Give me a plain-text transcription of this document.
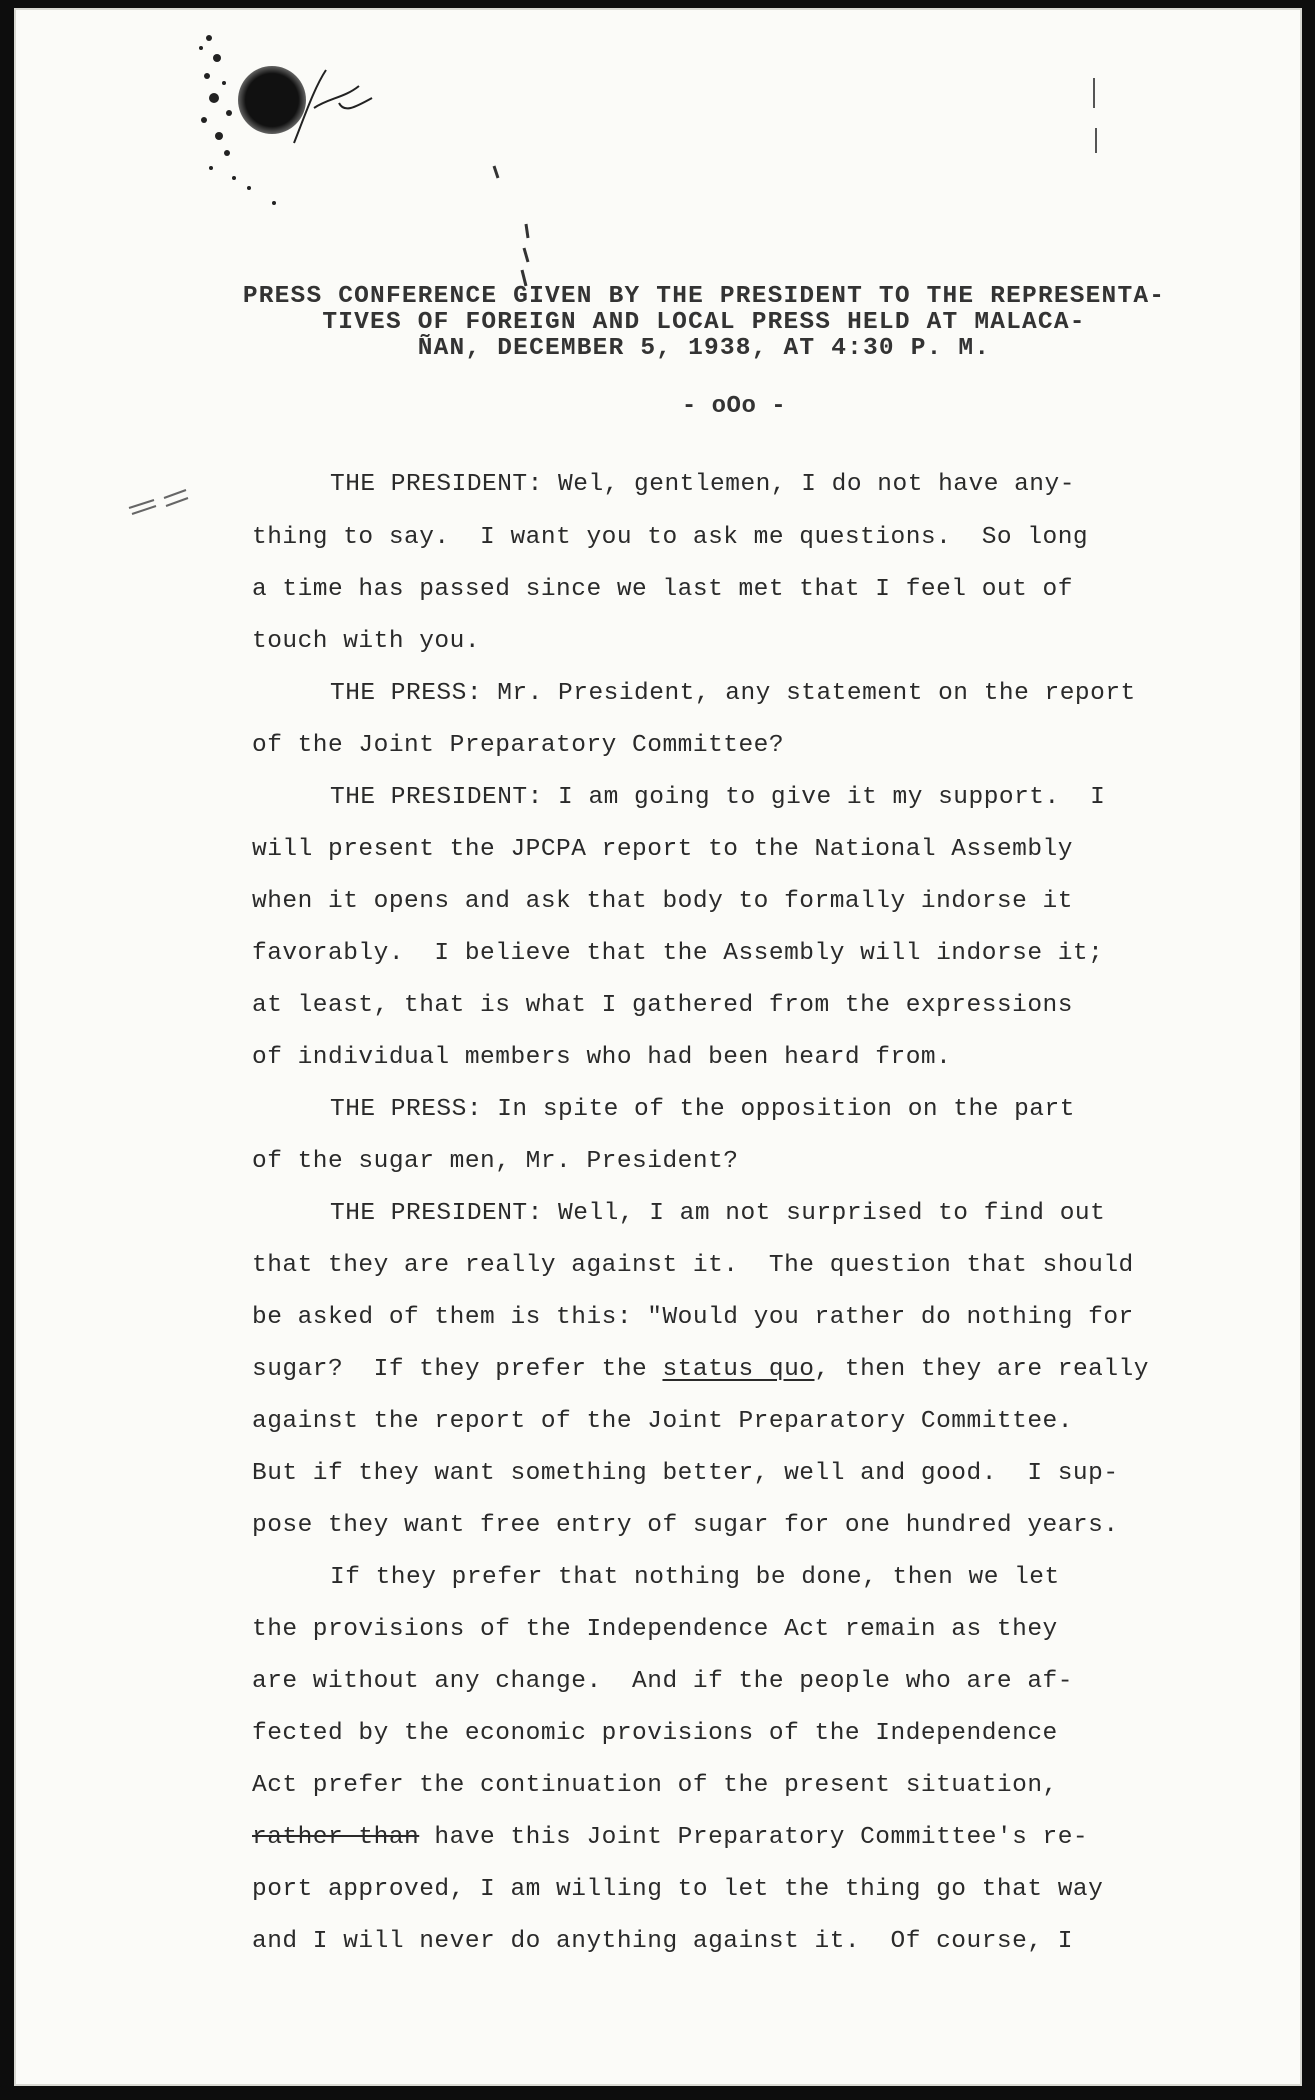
PRESS CONFERENCE GIVEN BY THE PRESIDENT TO THE REPRESENTA-
TIVES OF FOREIGN AND LOCAL PRESS HELD AT MALACA-
ÑAN, DECEMBER 5, 1938, AT 4:30 P. M.
- oOo -
THE PRESIDENT: Wel, gentlemen, I do not have any-
thing to say.  I want you to ask me questions.  So long
a time has passed since we last met that I feel out of
touch with you.
THE PRESS: Mr. President, any statement on the report
of the Joint Preparatory Committee?
THE PRESIDENT: I am going to give it my support.  I
will present the JPCPA report to the National Assembly
when it opens and ask that body to formally indorse it
favorably.  I believe that the Assembly will indorse it;
at least, that is what I gathered from the expressions
of individual members who had been heard from.
THE PRESS: In spite of the opposition on the part
of the sugar men, Mr. President?
THE PRESIDENT: Well, I am not surprised to find out
that they are really against it.  The question that should
be asked of them is this: "Would you rather do nothing for
sugar?  If they prefer the status quo, then they are really
against the report of the Joint Preparatory Committee.
But if they want something better, well and good.  I sup-
pose they want free entry of sugar for one hundred years.
If they prefer that nothing be done, then we let
the provisions of the Independence Act remain as they
are without any change.  And if the people who are af-
fected by the economic provisions of the Independence
Act prefer the continuation of the present situation,
rather than have this Joint Preparatory Committee's re-
port approved, I am willing to let the thing go that way
and I will never do anything against it.  Of course, I
